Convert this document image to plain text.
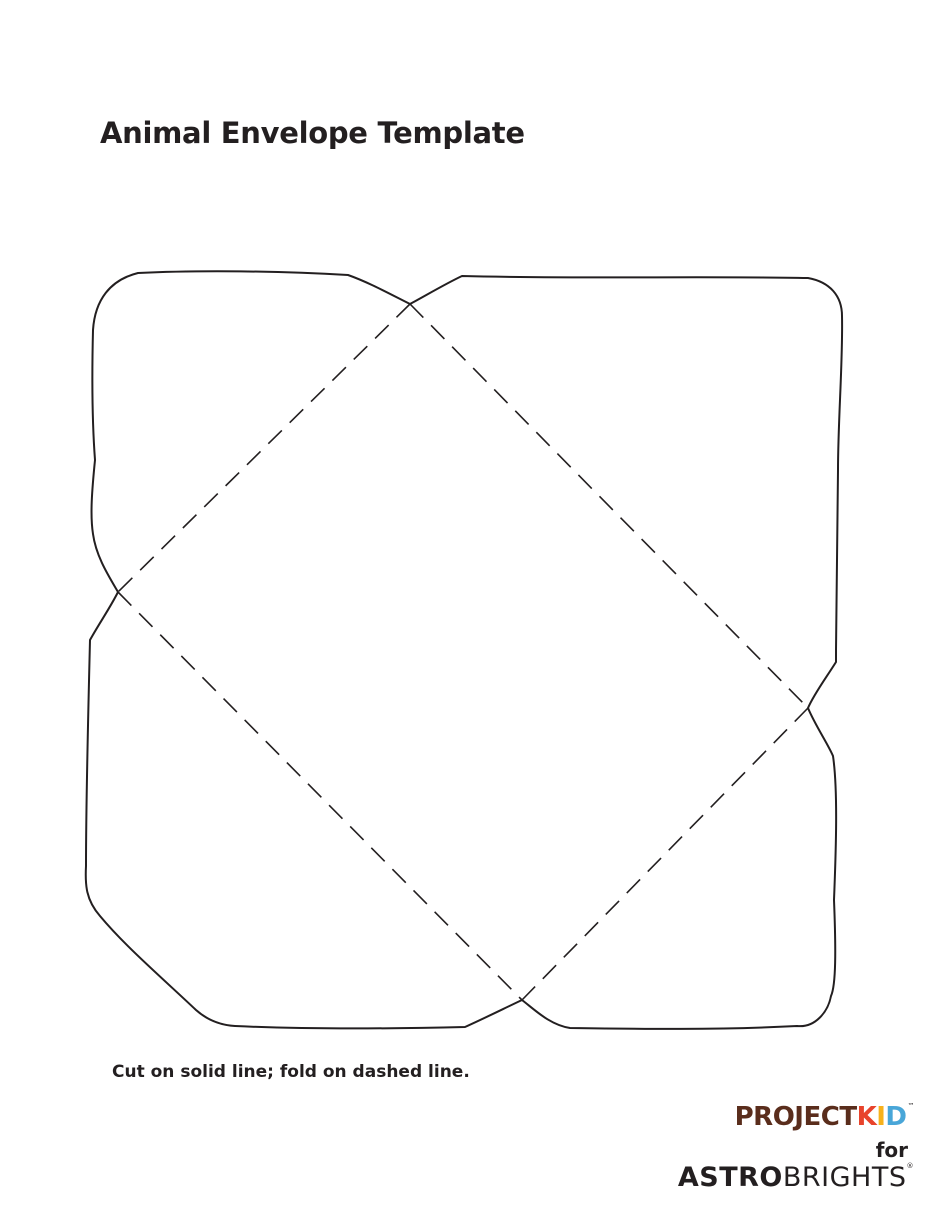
Animal Envelope Template

Cut on solid line; fold on dashed line.

PROJECTKID™
for
ASTROBRIGHTS®
